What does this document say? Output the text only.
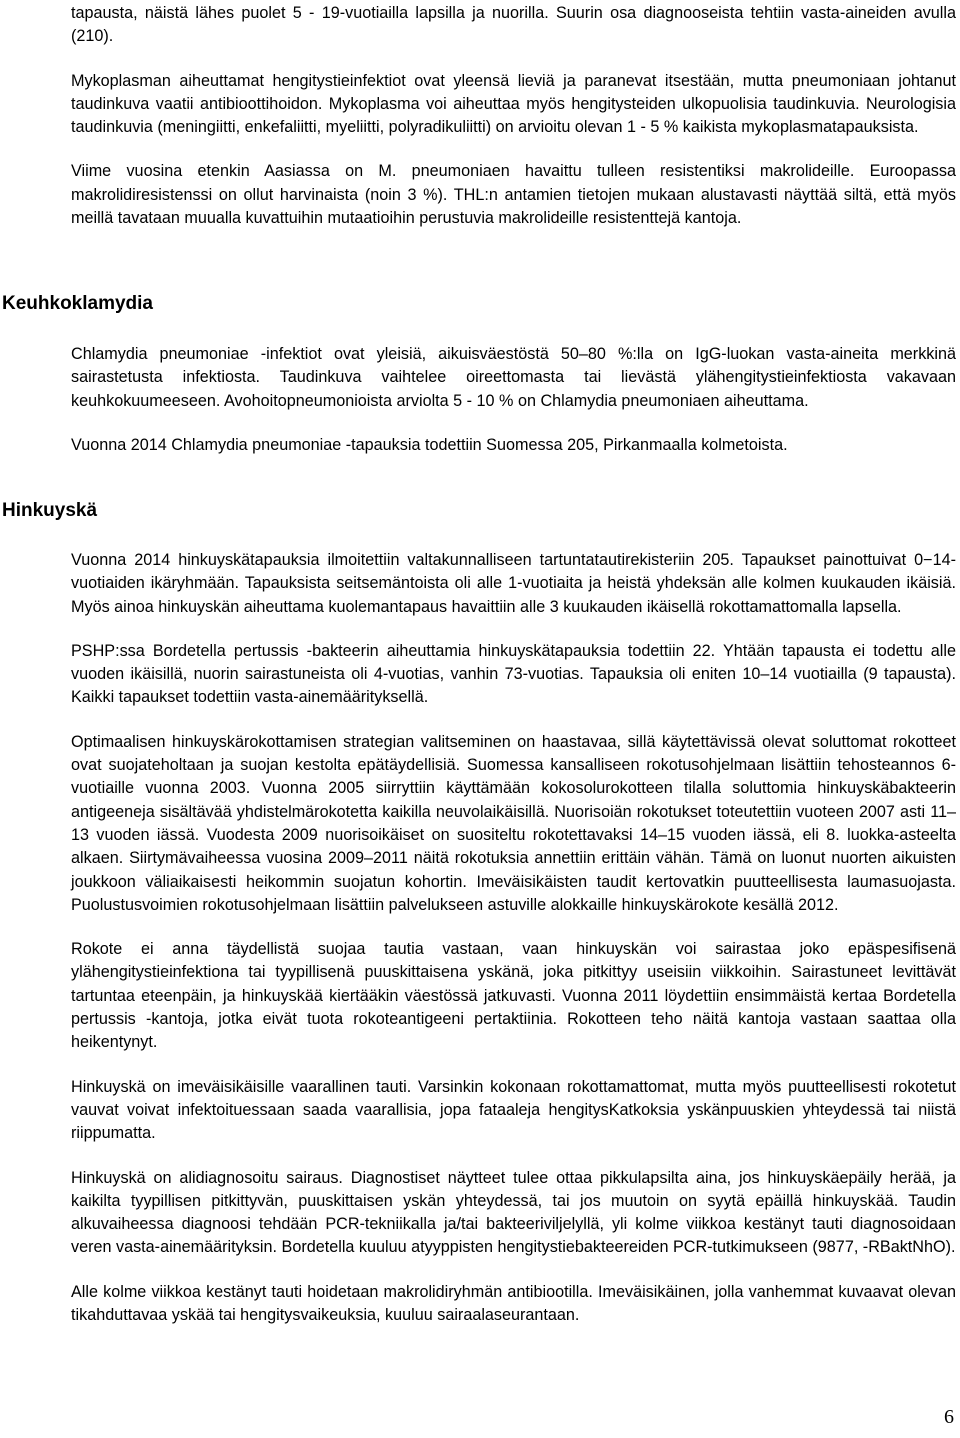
tapausta, näistä lähes puolet 5 - 19-vuotiailla lapsilla ja nuorilla. Suurin osa diagnooseista tehtiin vasta-aineiden avulla (210).

Mykoplasman aiheuttamat hengitystieinfektiot ovat yleensä lieviä ja paranevat itsestään, mutta pneumoniaan johtanut taudinkuva vaatii antibioottihoidon. Mykoplasma voi aiheuttaa myös hengitysteiden ulkopuolisia taudinkuvia. Neurologisia taudinkuvia (meningiitti, enkefaliitti, myeliitti, polyradikuliitti) on arvioitu olevan 1 - 5 % kaikista mykoplasmatapauksista.

Viime vuosina etenkin Aasiassa on M. pneumoniaen havaittu tulleen resistentiksi makrolideille. Euroopassa makrolidiresistenssi on ollut harvinaista (noin 3 %). THL:n antamien tietojen mukaan alustavasti näyttää siltä, että myös meillä tavataan muualla kuvattuihin mutaatioihin perustuvia makrolideille resistenttejä kantoja.

Keuhkoklamydia

Chlamydia pneumoniae -infektiot ovat yleisiä, aikuisväestöstä 50–80 %:lla on IgG-luokan vasta-aineita merkkinä sairastetusta infektiosta. Taudinkuva vaihtelee oireettomasta tai lievästä ylähengitystieinfektiosta vakavaan keuhkokuumeeseen. Avohoitopneumonioista arviolta 5 - 10 % on Chlamydia pneumoniaen aiheuttama.

Vuonna 2014 Chlamydia pneumoniae -tapauksia todettiin Suomessa 205, Pirkanmaalla kolmetoista.

Hinkuyskä

Vuonna 2014 hinkuyskätapauksia ilmoitettiin valtakunnalliseen tartuntatautirekisteriin 205. Tapaukset painottuivat 0−14-vuotiaiden ikäryhmään. Tapauksista seitsemäntoista oli alle 1-vuotiaita ja heistä yhdeksän alle kolmen kuukauden ikäisiä. Myös ainoa hinkuyskän aiheuttama kuolemantapaus havaittiin alle 3 kuukauden ikäisellä rokottamattomalla lapsella.

PSHP:ssa Bordetella pertussis -bakteerin aiheuttamia hinkuyskätapauksia todettiin 22. Yhtään tapausta ei todettu alle vuoden ikäisillä, nuorin sairastuneista oli 4-vuotias, vanhin 73-vuotias. Tapauksia oli eniten 10–14 vuotiailla (9 tapausta). Kaikki tapaukset todettiin vasta-ainemäärityksellä.

Optimaalisen hinkuyskärokottamisen strategian valitseminen on haastavaa, sillä käytettävissä olevat soluttomat rokotteet ovat suojateholtaan ja suojan kestolta epätäydellisiä. Suomessa kansalliseen rokotusohjelmaan lisättiin tehosteannos 6-vuotiaille vuonna 2003. Vuonna 2005 siirryttiin käyttämään kokosolurokotteen tilalla soluttomia hinkuyskäbakteerin antigeeneja sisältävää yhdistelmärokotetta kaikilla neuvolaikäisillä. Nuorisoiän rokotukset toteutettiin vuoteen 2007 asti 11–13 vuoden iässä. Vuodesta 2009 nuorisoikäiset on suositeltu rokotettavaksi 14–15 vuoden iässä, eli 8. luokka-asteelta alkaen. Siirtymävaiheessa vuosina 2009–2011 näitä rokotuksia annettiin erittäin vähän. Tämä on luonut nuorten aikuisten joukkoon väliaikaisesti heikommin suojatun kohortin. Imeväisikäisten taudit kertovatkin puutteellisesta laumasuojasta. Puolustusvoimien rokotusohjelmaan lisättiin palvelukseen astuville alokkaille hinkuyskärokote kesällä 2012.

Rokote ei anna täydellistä suojaa tautia vastaan, vaan hinkuyskän voi sairastaa joko epäspesifisenä ylähengitystieinfektiona tai tyypillisenä puuskittaisena yskänä, joka pitkittyy useisiin viikkoihin. Sairastuneet levittävät tartuntaa eteenpäin, ja hinkuyskää kiertääkin väestössä jatkuvasti. Vuonna 2011 löydettiin ensimmäistä kertaa Bordetella pertussis -kantoja, jotka eivät tuota rokoteantigeeni pertaktiinia. Rokotteen teho näitä kantoja vastaan saattaa olla heikentynyt.

Hinkuyskä on imeväisikäisille vaarallinen tauti. Varsinkin kokonaan rokottamattomat, mutta myös puutteellisesti rokotetut vauvat voivat infektoituessaan saada vaarallisia, jopa fataaleja hengitysKatkoksia yskänpuuskien yhteydessä tai niistä riippumatta.

Hinkuyskä on alidiagnosoitu sairaus. Diagnostiset näytteet tulee ottaa pikkulapsilta aina, jos hinkuyskäepäily herää, ja kaikilta tyypillisen pitkittyvän, puuskittaisen yskän yhteydessä, tai jos muutoin on syytä epäillä hinkuyskää. Taudin alkuvaiheessa diagnoosi tehdään PCR-tekniikalla ja/tai bakteeriviljelyllä, yli kolme viikkoa kestänyt tauti diagnosoidaan veren vasta-ainemäärityksin. Bordetella kuuluu atyyppisten hengitystiebakteereiden PCR-tutkimukseen (9877, -RBaktNhO).

Alle kolme viikkoa kestänyt tauti hoidetaan makrolidiryhmän antibiootilla. Imeväisikäinen, jolla vanhemmat kuvaavat olevan tikahduttavaa yskää tai hengitysvaikeuksia, kuuluu sairaalaseurantaan.

6
